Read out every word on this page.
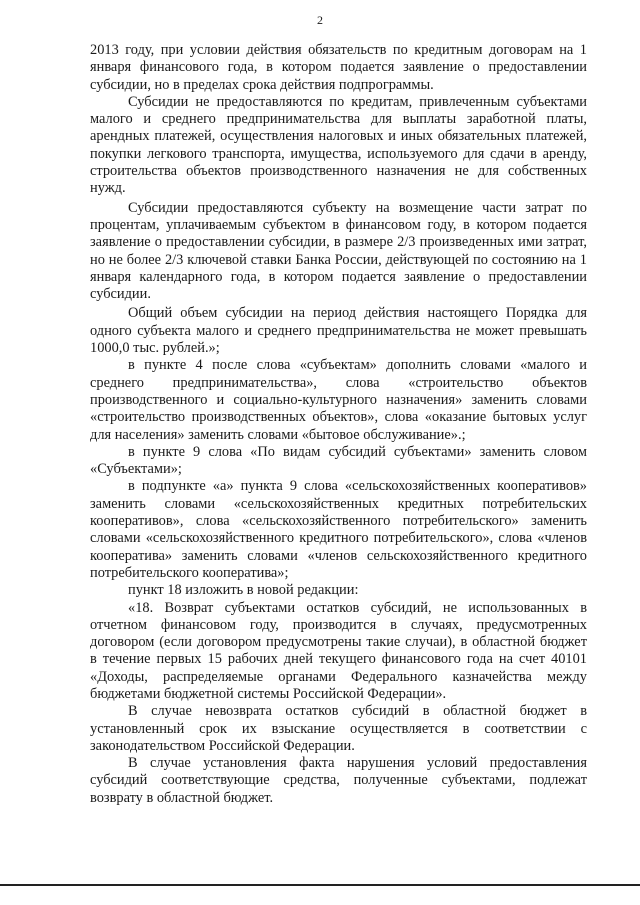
2

2013 году, при условии действия обязательств по кредитным договорам на 1 января финансового года, в котором подается заявление о предоставлении субсидии, но в пределах срока действия подпрограммы.

Субсидии не предоставляются по кредитам, привлеченным субъектами малого и среднего предпринимательства для выплаты заработной платы, арендных платежей, осуществления налоговых и иных обязательных платежей, покупки легкового транспорта, имущества, используемого для сдачи в аренду, строительства объектов производственного назначения не для собственных нужд.

Субсидии предоставляются субъекту на возмещение части затрат по процентам, уплачиваемым субъектом в финансовом году, в котором подается заявление о предоставлении субсидии, в размере 2/3 произведенных ими затрат, но не более 2/3 ключевой ставки Банка России, действующей по состоянию на 1 января календарного года, в котором подается заявление о предоставлении субсидии.

Общий объем субсидии на период действия настоящего Порядка для одного субъекта малого и среднего предпринимательства не может превышать 1000,0 тыс. рублей.»;

в пункте 4 после слова «субъектам» дополнить словами «малого и среднего предпринимательства», слова «строительство объектов производственного и социально-культурного назначения» заменить словами «строительство производственных объектов», слова «оказание бытовых услуг для населения» заменить словами «бытовое обслуживание».;

в пункте 9 слова «По видам субсидий субъектами» заменить словом «Субъектами»;

в подпункте «а» пункта 9 слова «сельскохозяйственных кооперативов» заменить словами «сельскохозяйственных кредитных потребительских кооперативов», слова «сельскохозяйственного потребительского» заменить словами «сельскохозяйственного кредитного потребительского», слова «членов кооператива» заменить словами «членов сельскохозяйственного кредитного потребительского кооператива»;

пункт 18 изложить в новой редакции:

«18. Возврат субъектами остатков субсидий, не использованных в отчетном финансовом году, производится в случаях, предусмотренных договором (если договором предусмотрены такие случаи), в областной бюджет в течение первых 15 рабочих дней текущего финансового года на счет 40101 «Доходы, распределяемые органами Федерального казначейства между бюджетами бюджетной системы Российской Федерации».

В случае невозврата остатков субсидий в областной бюджет в установленный срок их взыскание осуществляется в соответствии с законодательством Российской Федерации.

В случае установления факта нарушения условий предоставления субсидий соответствующие средства, полученные субъектами, подлежат возврату в областной бюджет.
